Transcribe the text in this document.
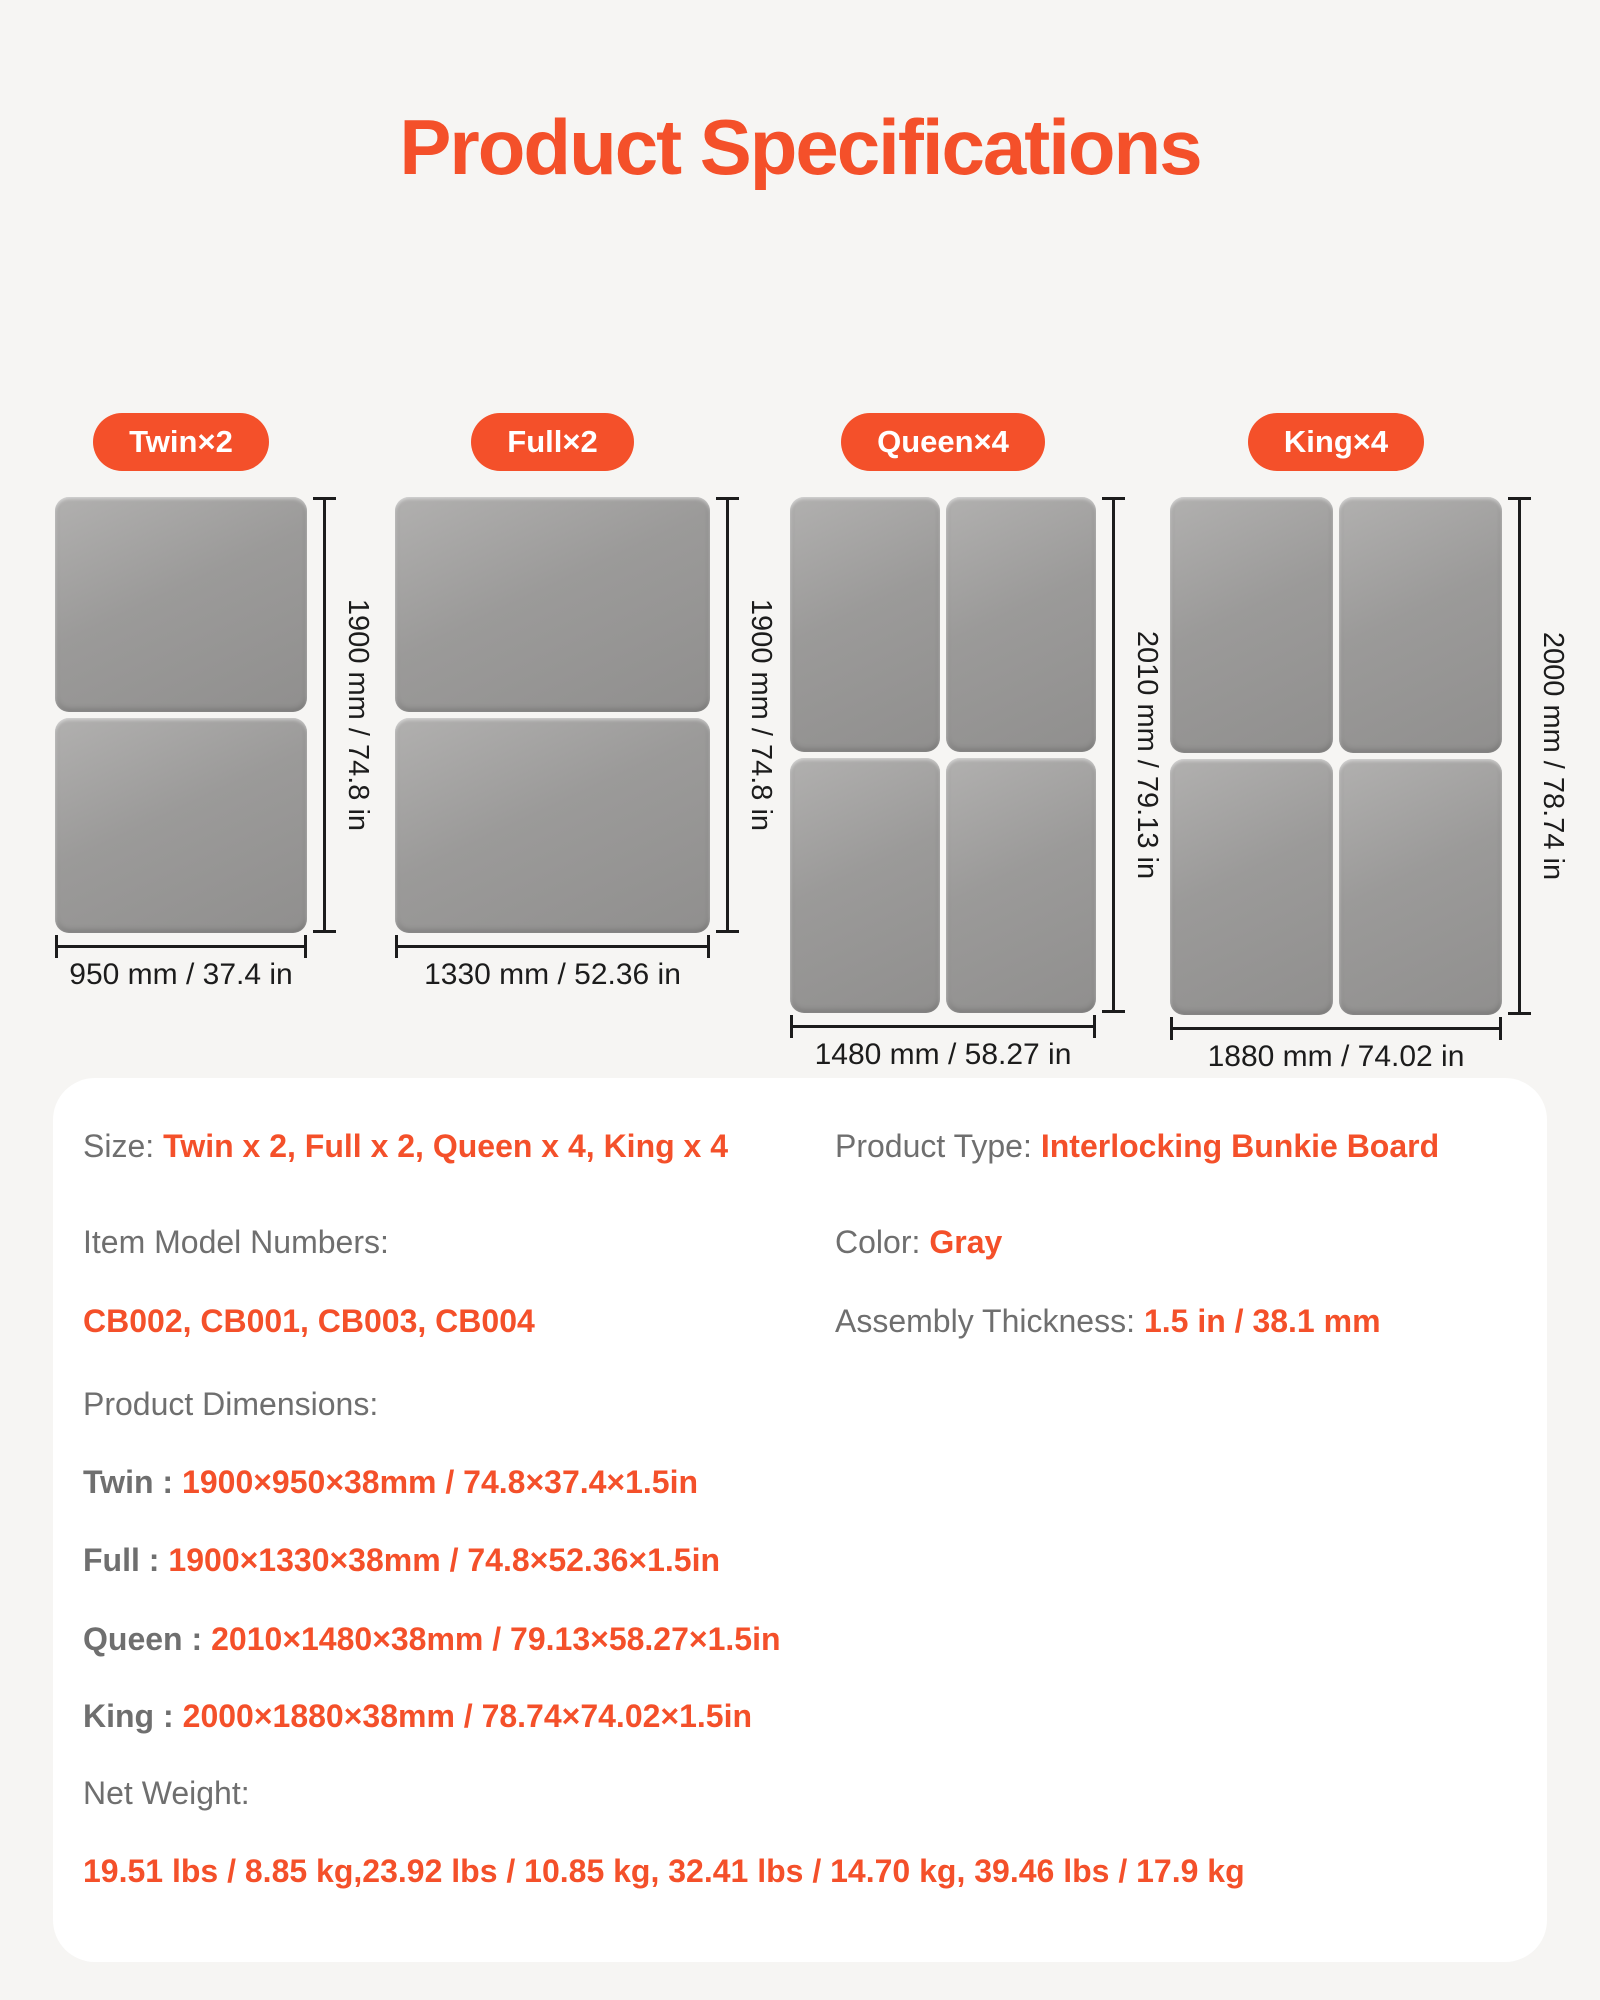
Product Specifications
Twin×2
1900 mm / 74.8 in
950 mm / 37.4 in
Full×2
1900 mm / 74.8 in
1330 mm / 52.36 in
Queen×4
2010 mm / 79.13 in
1480 mm / 58.27 in
King×4
2000 mm / 78.74 in
1880 mm / 74.02 in
Size: Twin x 2, Full x 2, Queen x 4, King x 4	Product Type: Interlocking Bunkie Board
Item Model Numbers:	Color: Gray
CB002, CB001, CB003, CB004	Assembly Thickness: 1.5 in / 38.1 mm
Product Dimensions:
Twin : 1900×950×38mm / 74.8×37.4×1.5in
Full : 1900×1330×38mm / 74.8×52.36×1.5in
Queen : 2010×1480×38mm / 79.13×58.27×1.5in
King : 2000×1880×38mm / 78.74×74.02×1.5in
Net Weight:
19.51 lbs / 8.85 kg,23.92 lbs / 10.85 kg, 32.41 lbs / 14.70 kg, 39.46 lbs / 17.9 kg
